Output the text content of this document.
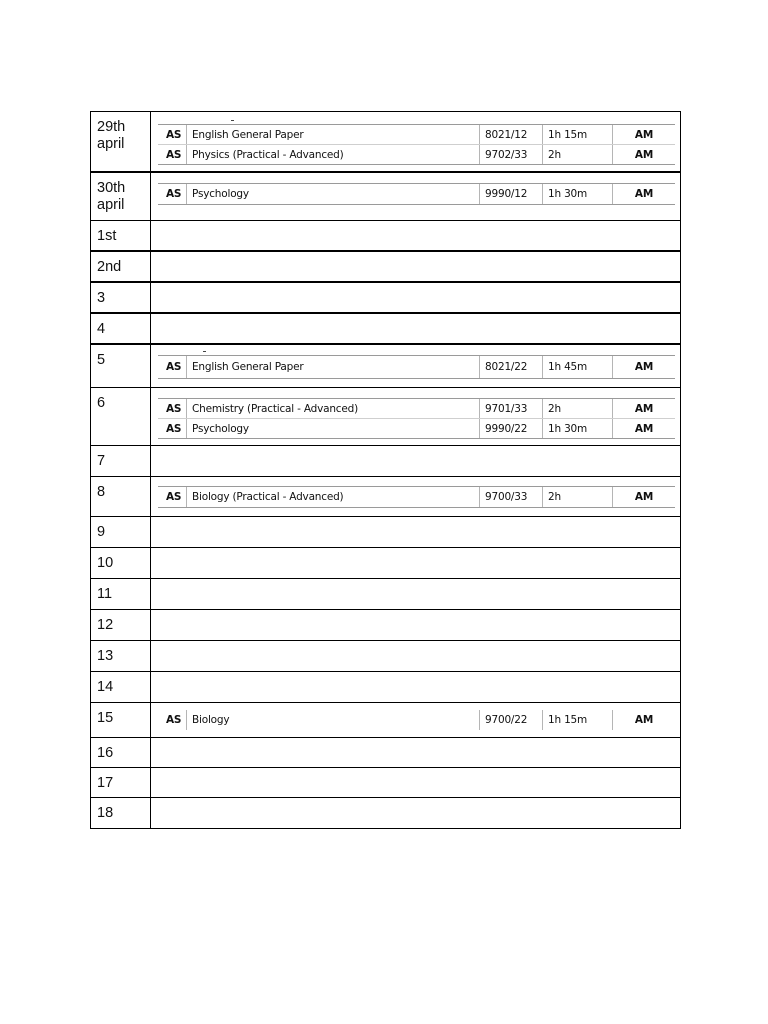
29th
april
AS	English General Paper	8021/12	1h 15m	AM
AS	Physics (Practical - Advanced)	9702/33	2h	AM
30th
april
AS	Psychology	9990/12	1h 30m	AM
1st
2nd
3
4
5	AS	English General Paper	8021/22	1h 45m	AM
6	AS	Chemistry (Practical - Advanced)	9701/33	2h	AM
AS	Psychology	9990/22	1h 30m	AM
7
8	AS	Biology (Practical - Advanced)	9700/33	2h	AM
9
10
11
12
13
14
15	AS	Biology	9700/22	1h 15m	AM
16
17
18
